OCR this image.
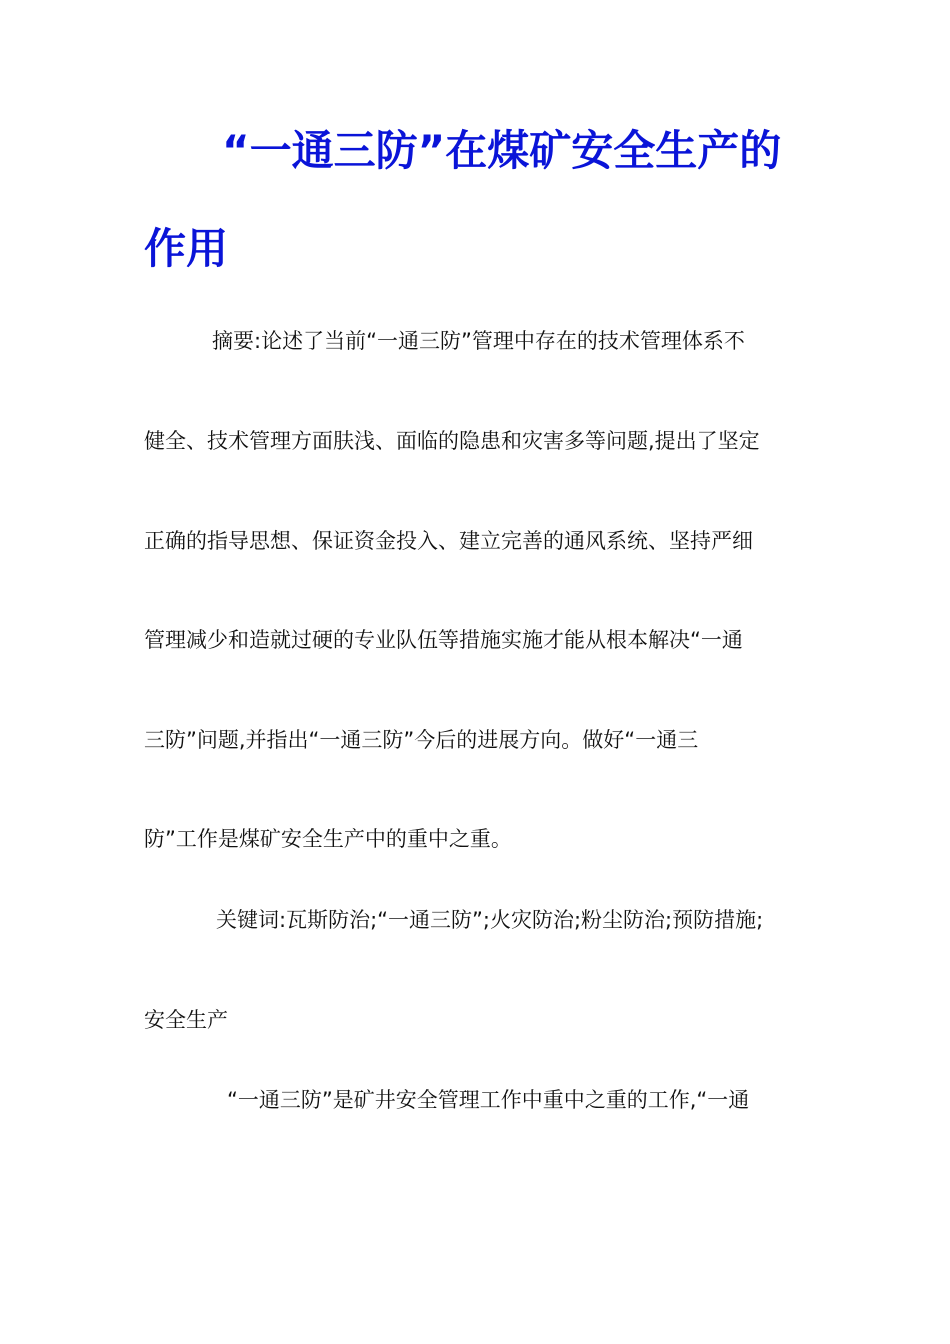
“一通三防”在煤矿安全生产的
作用
摘要:论述了当前“一通三防”管理中存在的技术管理体系不
健全、技术管理方面肤浅、面临的隐患和灾害多等问题,提出了坚定
正确的指导思想、保证资金投入、建立完善的通风系统、坚持严细
管理减少和造就过硬的专业队伍等措施实施才能从根本解决“一通
三防”问题,并指出“一通三防”今后的进展方向。做好“一通三
防”工作是煤矿安全生产中的重中之重。
关键词:瓦斯防治;“一通三防”;火灾防治;粉尘防治;预防措施;
安全生产
“一通三防”是矿井安全管理工作中重中之重的工作,“一通
